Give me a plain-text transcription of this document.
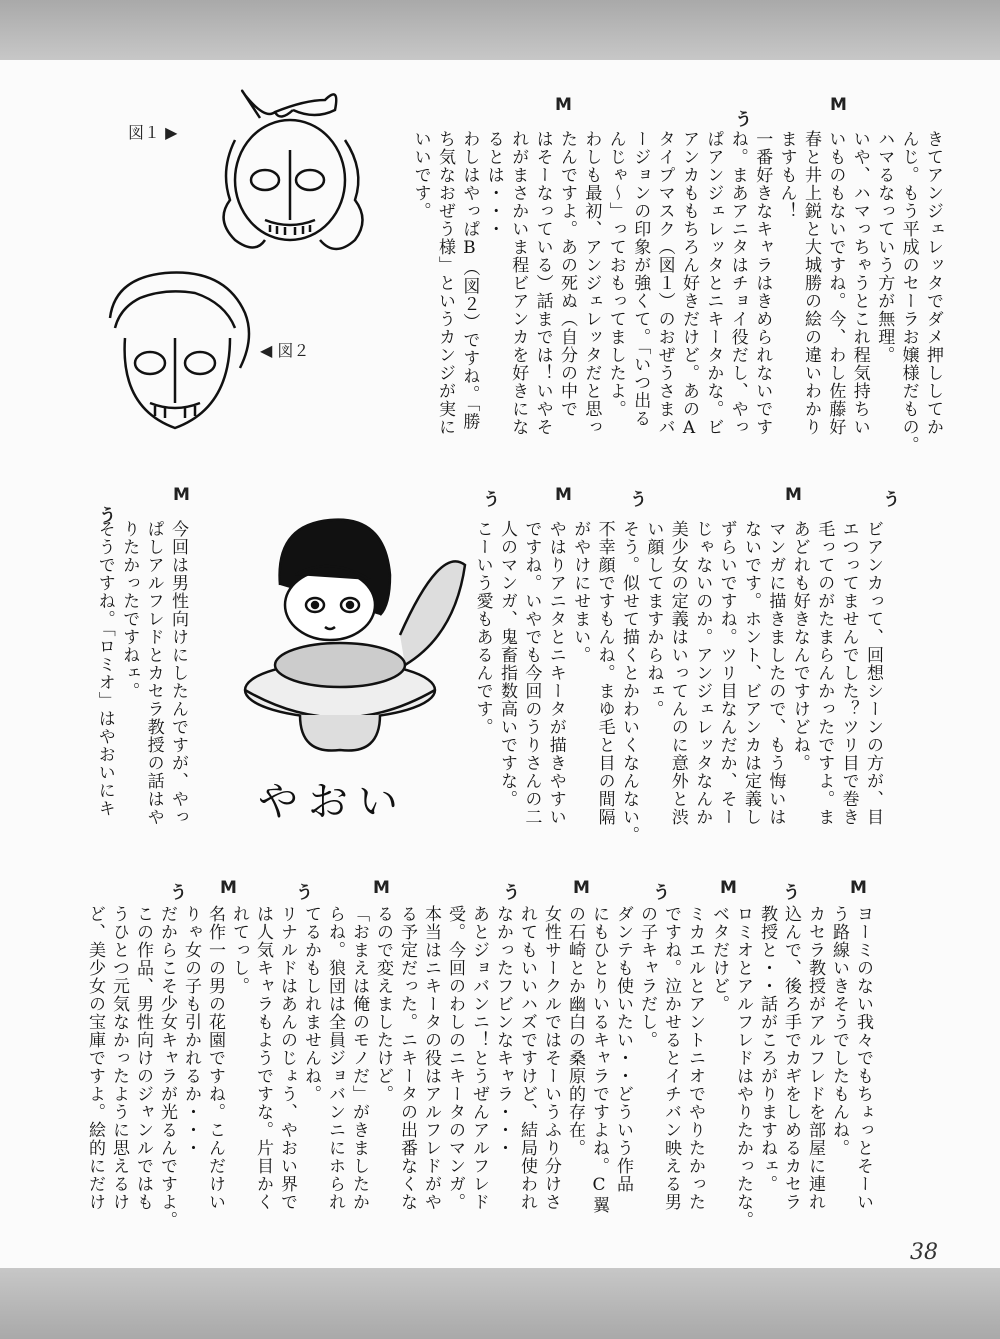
図１ ▶
◀ 図２
やおい
M
う
M
う
M
う
M
う
M
う
M
う
M
う
M
う
M
う
M
う
38
きてアンジェレッタでダメ押ししてか
んじ。もう平成のセーラお嬢様だもの。
ハマるなっていう方が無理。
いや、ハマっちゃうとこれ程気持ちい
いものもないですね。今、わし佐藤好
春と井上鋭と大城勝の絵の違いわかり
ますもん！
一番好きなキャラはきめられないです
ね。まあアニタはチョイ役だし、やっ
ぱアンジェレッタとニキータかな。ビ
アンカももちろん好きだけど。あのA
タイプマスク（図１）のおぜうさまバ
ージョンの印象が強くて。「いつ出る
んじゃ〜」っておもってましたよ。
わしも最初、アンジェレッタだと思っ
たんですよ。あの死ぬ（自分の中で
はそーなっている）話までは！いやそ
れがまさかいま程ビアンカを好きにな
るとは・・・
わしはやっぱB（図２）ですね。「勝
ち気なおぜう様」というカンジが実に
いいです。
ビアンカって、回想シーンの方が、目
エつってませんでした？ツリ目で巻き
毛ってのがたまらんかったですよ。ま
あどれも好きなんですけどね。
マンガに描きましたので、もう悔いは
ないです。ホント、ビアンカは定義し
ずらいですね。ツリ目なんだか、そー
じゃないのか。アンジェレッタなんか
美少女の定義はいってんのに意外と渋
い顔してますからねェ。
そう。似せて描くとかわいくなんない。
不幸顔ですもんね。まゆ毛と目の間隔
がやけにせまい。
やはりアニタとニキータが描きやすい
ですね。いやでも今回のうりさんの二
人のマンガ、鬼畜指数高いですな。
こーいう愛もあるんです。
今回は男性向けにしたんですが、やっ
ぱしアルフレドとカセラ教授の話はや
りたかったですねェ。
そうですね。「ロミオ」はやおいにキ
ヨーミのない我々でもちょっとそーい
う路線いきそうでしたもんね。
カセラ教授がアルフレドを部屋に連れ
込んで、後ろ手でカギをしめるカセラ
教授と・・話がころがりますねェ。
ロミオとアルフレドはやりたかったな。
ベタだけど。
ミカエルとアントニオでやりたかった
ですね。泣かせるとイチバン映える男
の子キャラだし。
ダンテも使いたい・・どういう作品
にもひとりいるキャラですよね。C翼
の石崎とか幽白の桑原的存在。
女性サークルではそーいうふり分けさ
れてもいいハズですけど、結局使われ
なかったフビンなキャラ・・・
あとジョバンニ！とうぜんアルフレド
受。今回のわしのニキータのマンガ。
本当はニキータの役はアルフレドがや
る予定だった。ニキータの出番なくな
るので変えましたけど。
「おまえは俺のモノだ」がきましたか
らね。狼団は全員ジョバンニにホられ
てるかもしれませんね。
リナルドはあんのじょう、やおい界で
は人気キャラもようですな。片目かく
れてっし。
名作一の男の花園ですね。こんだけい
りゃ女の子も引かれるか・・・
だからこそ少女キャラが光るんですよ。
この作品、男性向けのジャンルではも
うひとつ元気なかったように思えるけ
ど、美少女の宝庫ですよ。絵的にだけ
